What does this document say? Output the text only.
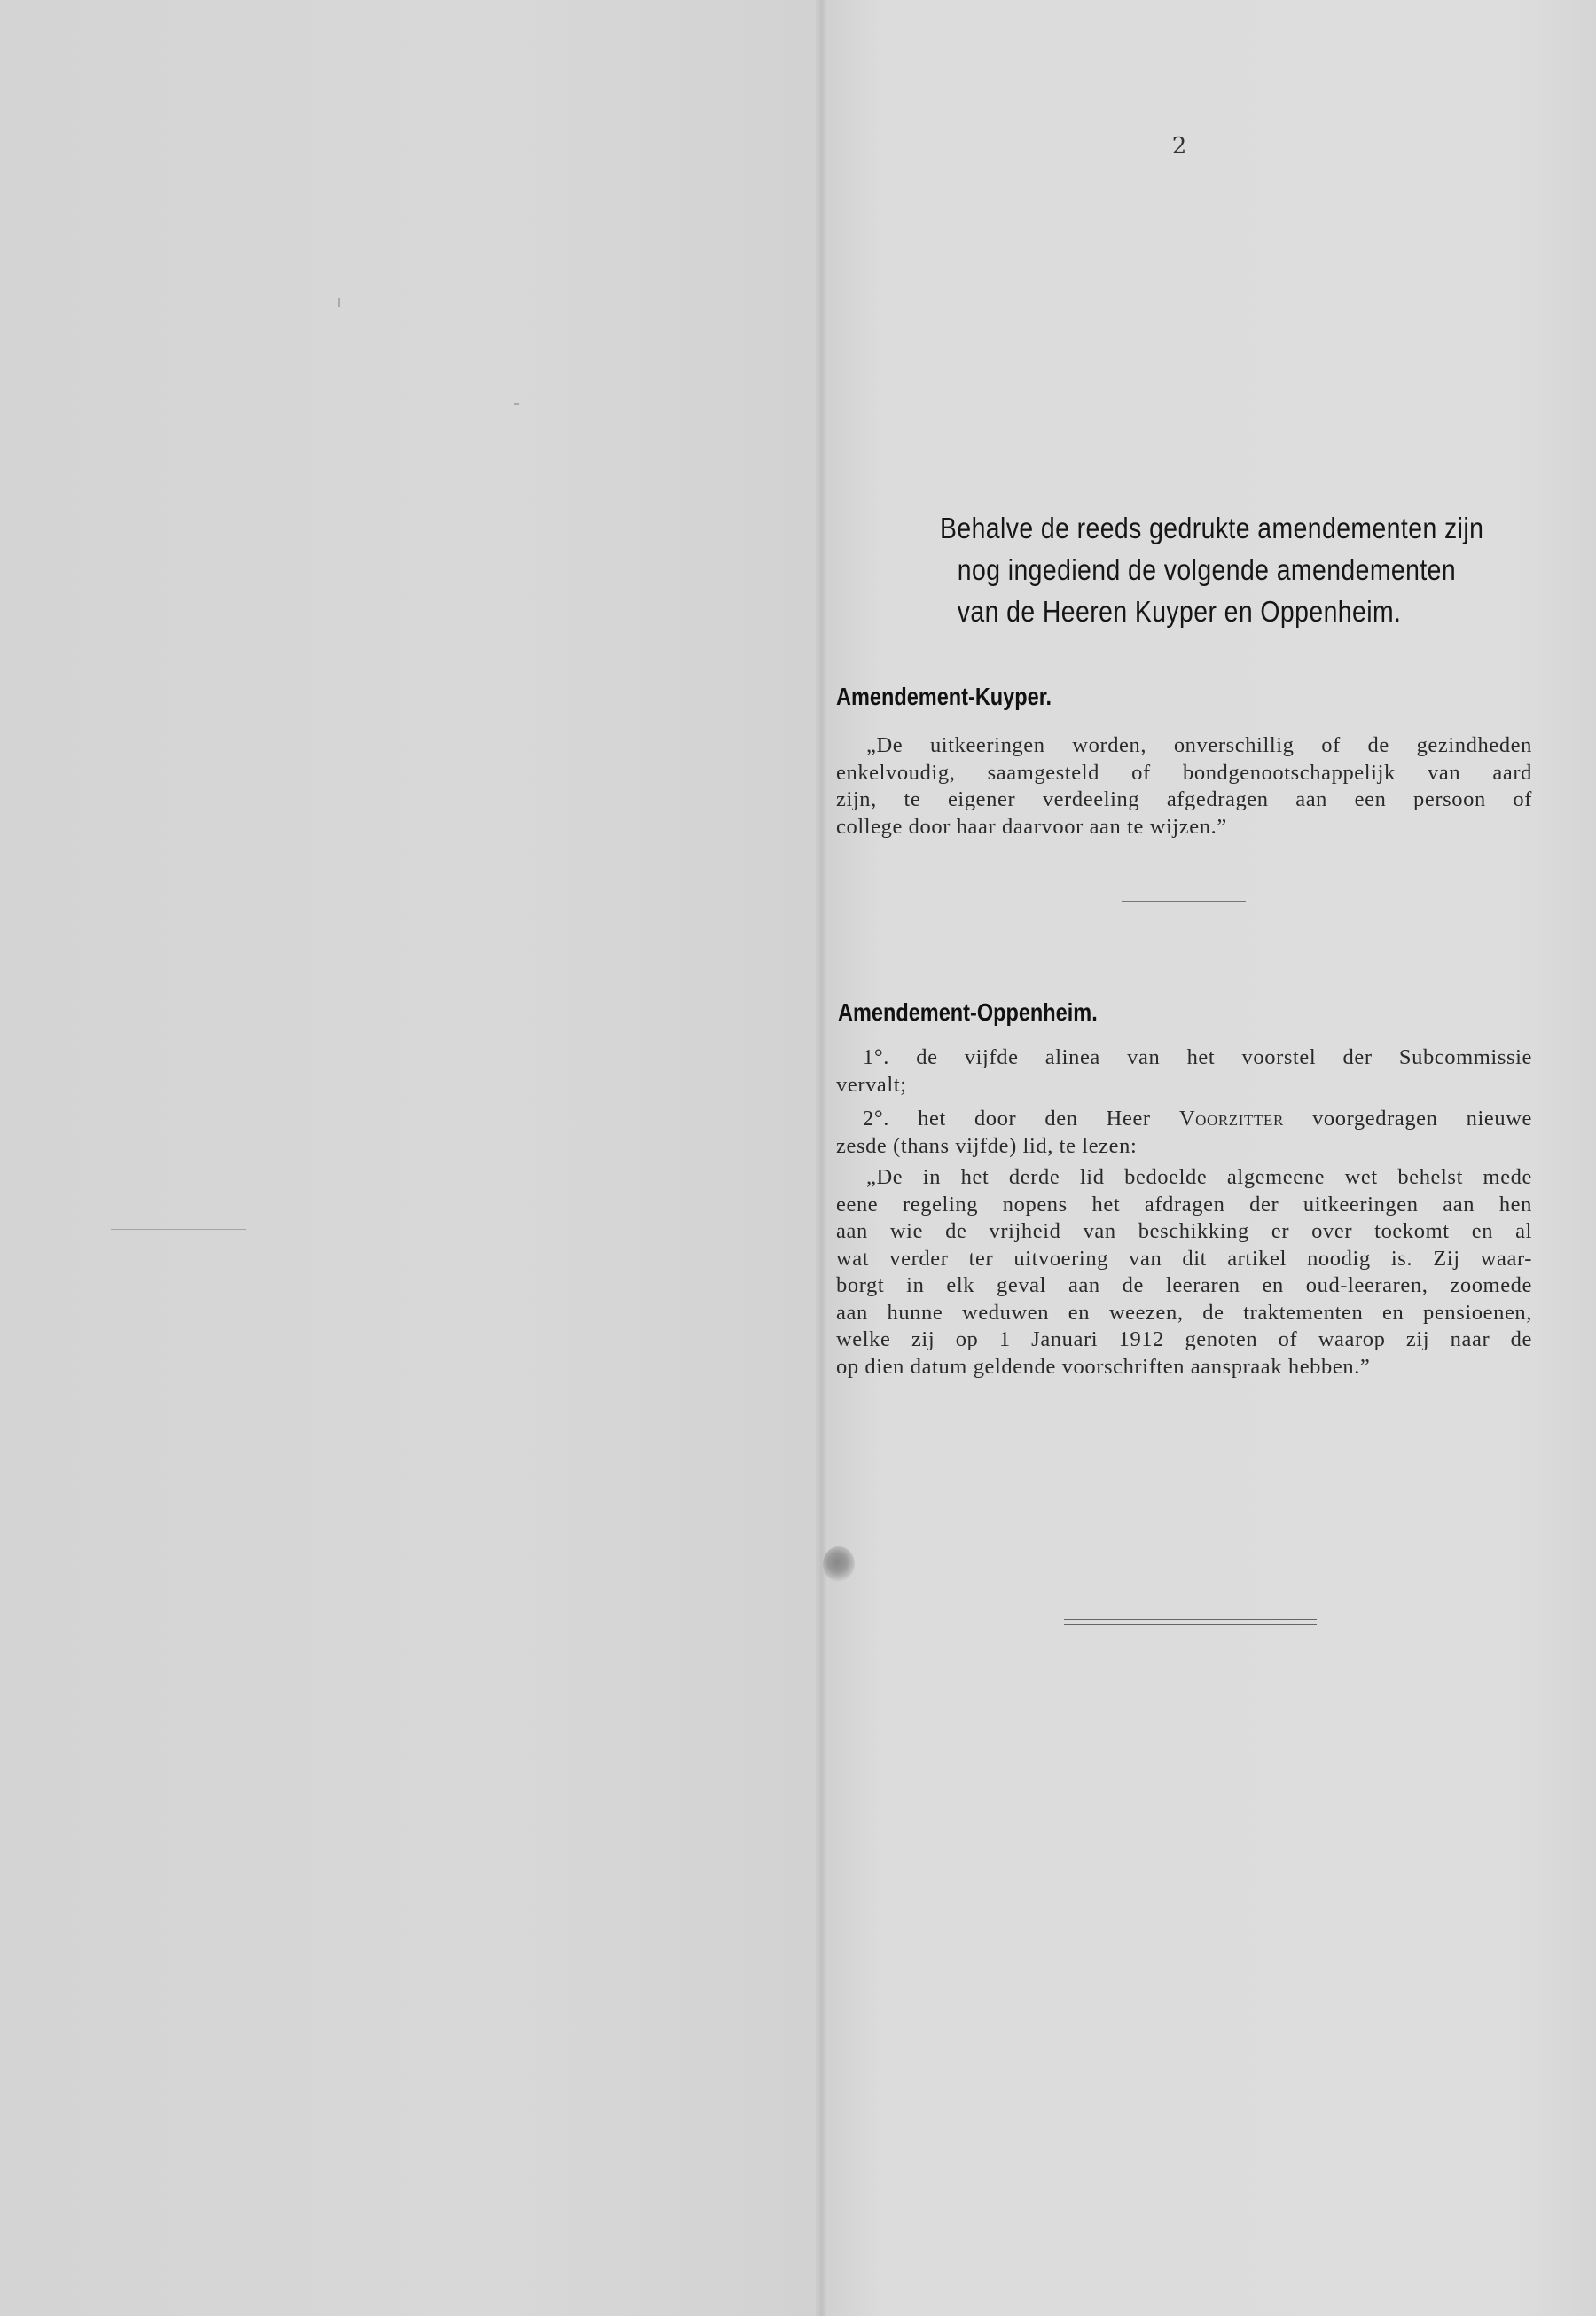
2
Behalve de reeds gedrukte amendementen zijn
nog ingediend de volgende amendementen
van de Heeren Kuyper en Oppenheim.
Amendement-Kuyper.
„De uitkeeringen worden, onverschillig of de gezindheden
enkelvoudig, saamgesteld of bondgenootschappelijk van aard
zijn, te eigener verdeeling afgedragen aan een persoon of
college door haar daarvoor aan te wijzen.”
Amendement-Oppenheim.
1°. de vijfde alinea van het voorstel der Subcommissie
vervalt;
2°. het door den Heer Voorzitter voorgedragen nieuwe
zesde (thans vijfde) lid, te lezen:
„De in het derde lid bedoelde algemeene wet behelst mede
eene regeling nopens het afdragen der uitkeeringen aan hen
aan wie de vrijheid van beschikking er over toekomt en al
wat verder ter uitvoering van dit artikel noodig is. Zij waar-
borgt in elk geval aan de leeraren en oud-leeraren, zoomede
aan hunne weduwen en weezen, de traktementen en pensioenen,
welke zij op 1 Januari 1912 genoten of waarop zij naar de
op dien datum geldende voorschriften aanspraak hebben.”
